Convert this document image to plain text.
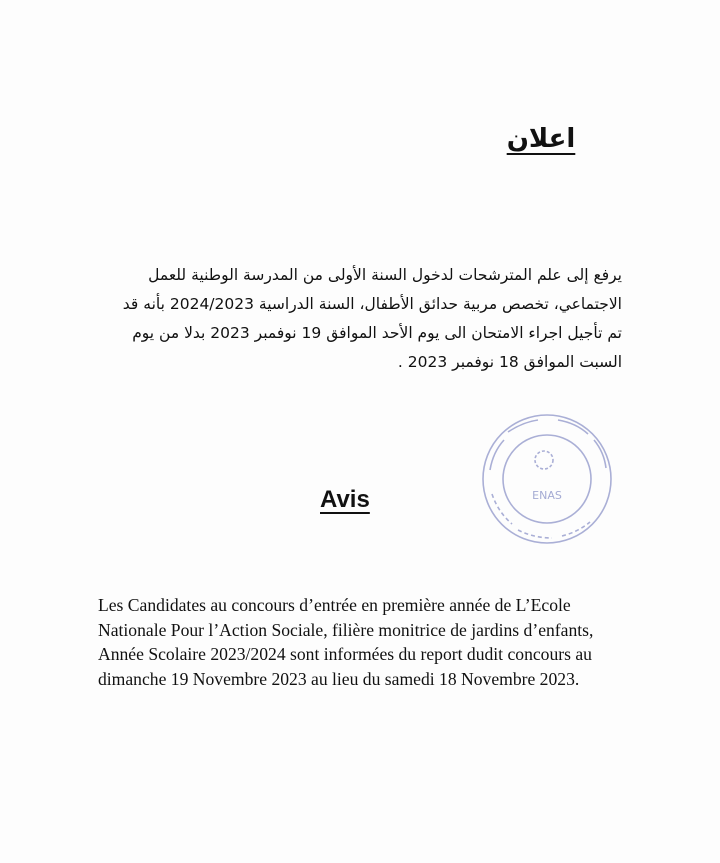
اعلان

يرفع إلى علم المترشحات لدخول السنة الأولى من المدرسة الوطنية للعمل

الاجتماعي، تخصص مربية حدائق الأطفال، السنة الدراسية 2024/2023 بأنه قد

تم تأجيل اجراء الامتحان الى يوم الأحد الموافق 19 نوفمبر 2023 بدلا من يوم

السبت الموافق 18 نوفمبر 2023 .

ENAS
Avis

Les Candidates au concours d’entrée en première année de L’Ecole

Nationale Pour l’Action Sociale, filière monitrice de jardins d’enfants,

Année Scolaire 2023/2024 sont informées du report dudit concours au

dimanche 19 Novembre 2023 au lieu du samedi 18 Novembre 2023.
